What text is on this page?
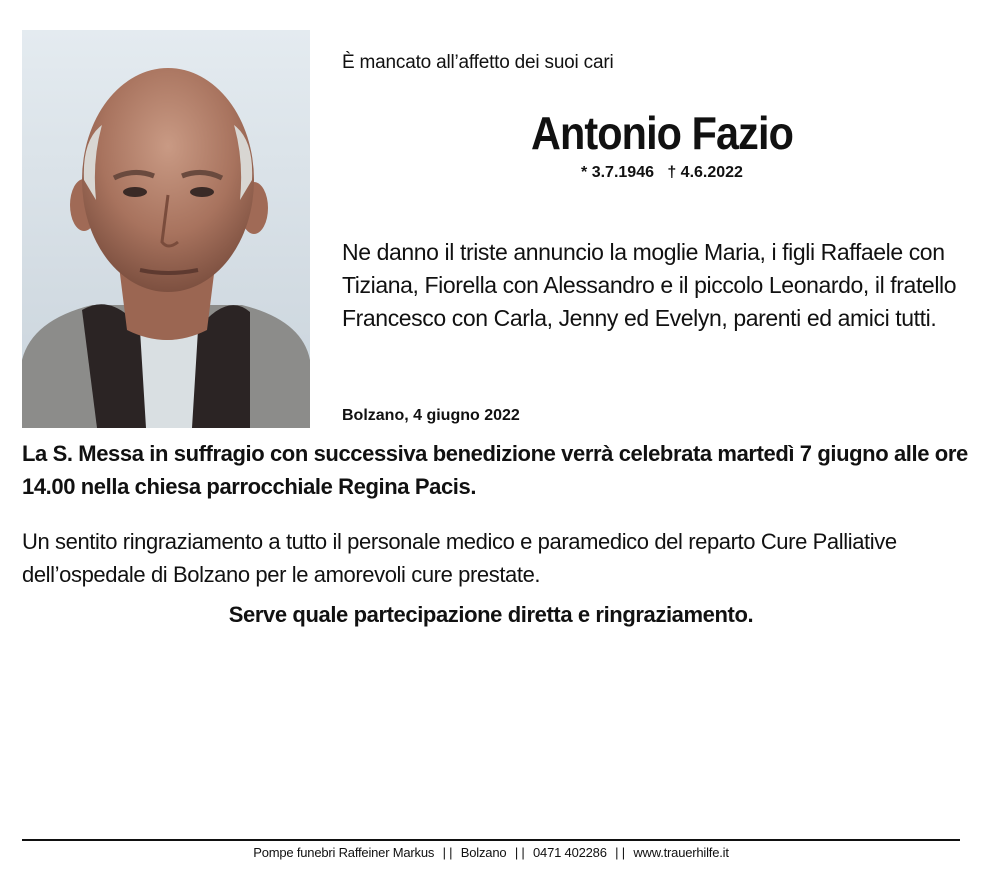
È mancato all’affetto dei suoi cari
Antonio Fazio
* 3.7.1946 † 4.6.2022
Ne danno il triste annuncio la moglie Maria, i figli Raffaele con Tiziana, Fiorella con Alessandro e il piccolo Leonardo, il fratello Francesco con Carla, Jenny ed Evelyn, parenti ed amici tutti.
Bolzano, 4 giugno 2022
La S. Messa in suffragio con successiva benedizione verrà celebrata martedì 7 giugno alle ore 14.00 nella chiesa parrocchiale Regina Pacis.
Un sentito ringraziamento a tutto il personale medico e paramedico del reparto Cure Palliative dell’ospedale di Bolzano per le amorevoli cure prestate.
Serve quale partecipazione diretta e ringraziamento.
Pompe funebri Raffeiner Markus | | Bolzano | | 0471 402286 | | www.trauerhilfe.it
